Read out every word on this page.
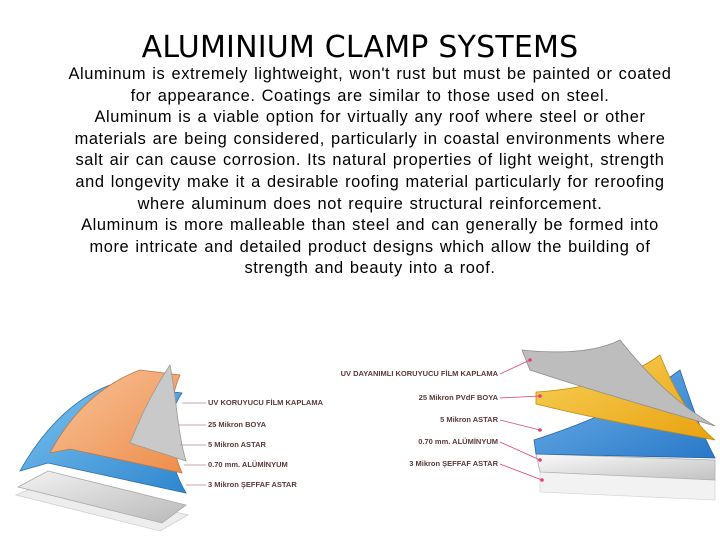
ALUMINIUM CLAMP SYSTEMS

Aluminum is extremely lightweight, won't rust but must be painted or coated for appearance. Coatings are similar to those used on steel.

Aluminum is a viable option for virtually any roof where steel or other materials are being considered, particularly in coastal environments where salt air can cause corrosion. Its natural properties of light weight, strength and longevity make it a desirable roofing material particularly for reroofing where aluminum does not require structural reinforcement.

Aluminum is more malleable than steel and can generally be formed into more intricate and detailed product designs which allow the building of strength and beauty into a roof.

UV KORUYUCU FİLM KAPLAMA
25 Mikron BOYA
5 Mikron ASTAR
0.70 mm. ALÜMİNYUM
3 Mikron ŞEFFAF ASTAR
UV DAYANIMLI KORUYUCU FİLM KAPLAMA
25 Mikron PVdF BOYA
5 Mikron ASTAR
0.70 mm. ALÜMİNYUM
3 Mikron ŞEFFAF ASTAR
